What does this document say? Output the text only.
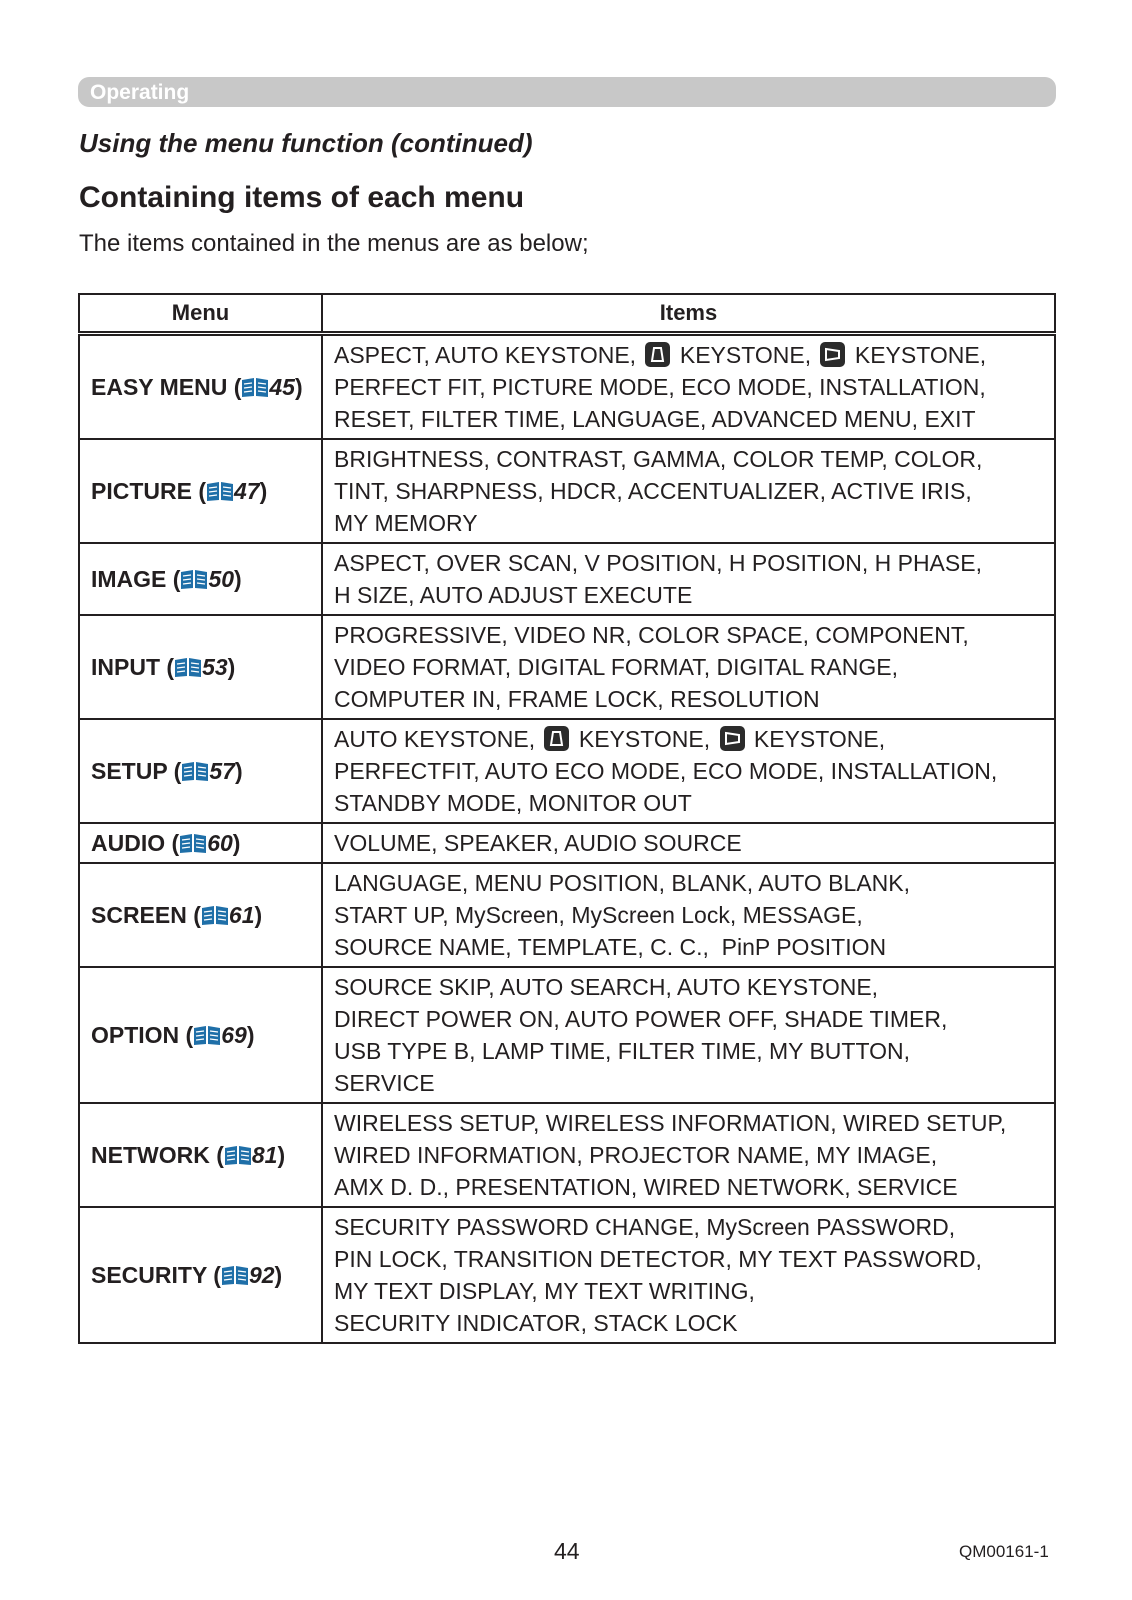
Operating
Using the menu function (continued)
Containing items of each menu
The items contained in the menus are as below;
Menu	Items
EASY MENU ( 45)	ASPECT, AUTO KEYSTONE,  KEYSTONE,  KEYSTONE,
PERFECT FIT, PICTURE MODE, ECO MODE, INSTALLATION,
RESET, FILTER TIME, LANGUAGE, ADVANCED MENU, EXIT

PICTURE ( 47)	BRIGHTNESS, CONTRAST, GAMMA, COLOR TEMP, COLOR,
TINT, SHARPNESS, HDCR, ACCENTUALIZER, ACTIVE IRIS,
MY MEMORY

IMAGE ( 50)	ASPECT, OVER SCAN, V POSITION, H POSITION, H PHASE,
H SIZE, AUTO ADJUST EXECUTE

INPUT ( 53)	PROGRESSIVE, VIDEO NR, COLOR SPACE, COMPONENT,
VIDEO FORMAT, DIGITAL FORMAT, DIGITAL RANGE,
COMPUTER IN, FRAME LOCK, RESOLUTION

SETUP ( 57)	AUTO KEYSTONE,  KEYSTONE,  KEYSTONE,
PERFECTFIT, AUTO ECO MODE, ECO MODE, INSTALLATION,
STANDBY MODE, MONITOR OUT

AUDIO ( 60)	VOLUME, SPEAKER, AUDIO SOURCE

SCREEN ( 61)	LANGUAGE, MENU POSITION, BLANK, AUTO BLANK,
START UP, MyScreen, MyScreen Lock, MESSAGE,
SOURCE NAME, TEMPLATE, C. C.,  PinP POSITION

OPTION ( 69)	SOURCE SKIP, AUTO SEARCH, AUTO KEYSTONE,
DIRECT POWER ON, AUTO POWER OFF, SHADE TIMER,
USB TYPE B, LAMP TIME, FILTER TIME, MY BUTTON,
SERVICE

NETWORK ( 81)	WIRELESS SETUP, WIRELESS INFORMATION, WIRED SETUP,
WIRED INFORMATION, PROJECTOR NAME, MY IMAGE,
AMX D. D., PRESENTATION, WIRED NETWORK, SERVICE

SECURITY ( 92)	SECURITY PASSWORD CHANGE, MyScreen PASSWORD,
PIN LOCK, TRANSITION DETECTOR, MY TEXT PASSWORD,
MY TEXT DISPLAY, MY TEXT WRITING,
SECURITY INDICATOR, STACK LOCK
44	QM00161-1
